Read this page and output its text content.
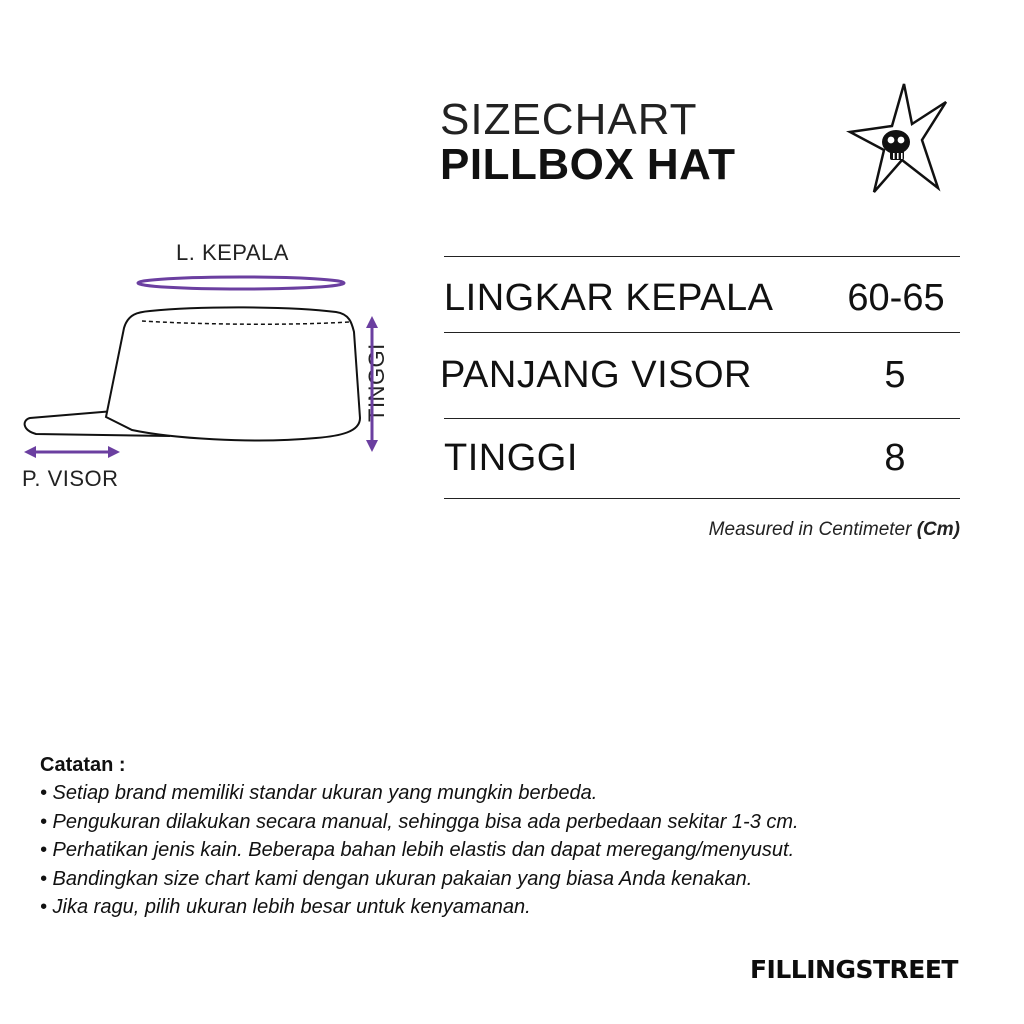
SIZECHART
PILLBOX HAT
L. KEPALA
P. VISOR
TINGGI
LINGKAR KEPALA	60-65
PANJANG VISOR	5
TINGGI	8
Measured in Centimeter (Cm)
Catatan :
• Setiap brand memiliki standar ukuran yang mungkin berbeda.
• Pengukuran dilakukan secara manual, sehingga bisa ada perbedaan sekitar 1-3 cm.
• Perhatikan jenis kain. Beberapa bahan lebih elastis dan dapat meregang/menyusut.
• Bandingkan size chart kami dengan ukuran pakaian yang biasa Anda kenakan.
• Jika ragu, pilih ukuran lebih besar untuk kenyamanan.
FILLINGSTREET
